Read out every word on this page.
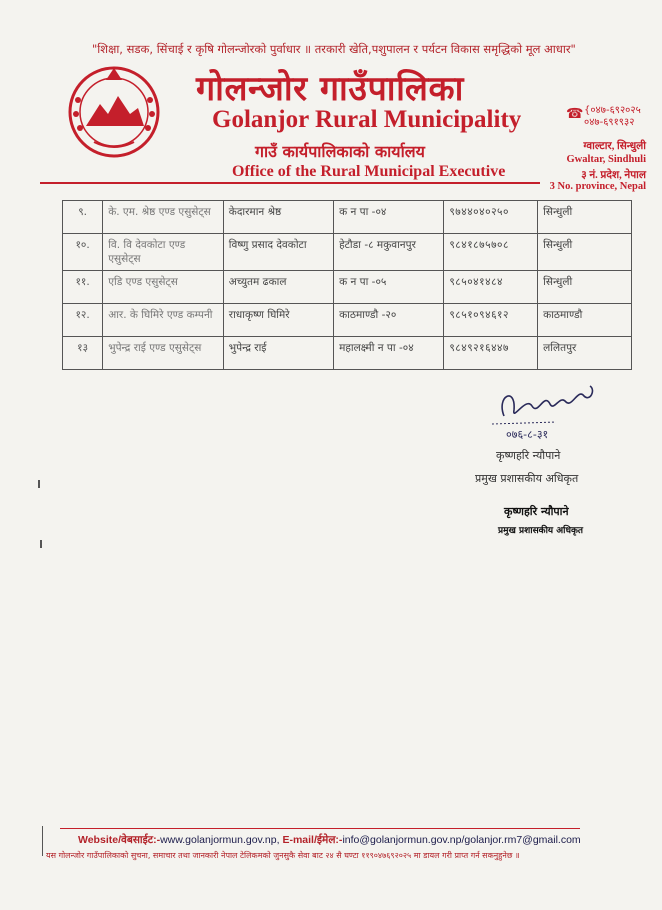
"शिक्षा, सडक, सिंचाई र कृषि गोलन्जोरको पुर्वाधार ॥ तरकारी खेति,पशुपालन र पर्यटन विकास समृद्धिको मूल आधार"
गोलन्जोर गाउँपालिका
Golanjor Rural Municipality
गाउँ कार्यपालिकाको कार्यालय
Office of the Rural Municipal Executive
☎ {०४७-६९२०२५
०४७-६९१९३२
ग्वाल्टार, सिन्धुली
Gwaltar, Sindhuli
३ नं. प्रदेश, नेपाल
3 No. province, Nepal
९.	के. एम. श्रेष्ठ एण्ड एसुसेट्स	केदारमान श्रेष्ठ	क न पा -०४	९७४४०४०२५०	सिन्धुली
१०.	वि. वि देवकोटा एण्ड एसुसेट्स	विष्णु प्रसाद देवकोटा	हेटौडा -८ मकुवानपुर	९८४१८७५७०८	सिन्धुली
११.	एडि एण्ड एसुसेट्स	अच्युतम ढकाल	क न पा -०५	९८५०४१४८४	सिन्धुली
१२.	आर. के घिमिरे एण्ड कम्पनी	राधाकृष्ण घिमिरे	काठमाण्डौ -२०	९८५१०९४६१२	काठमाण्डौ
१३	भुपेन्द्र राई एण्ड एसुसेट्स	भुपेन्द्र राई	महालक्ष्मी न पा -०४	९८४९२१६४४७	ललितपुर
०७६-८-३१
कृष्णहरि न्यौपाने
प्रमुख प्रशासकीय अधिकृत
कृष्णहरि न्यौपाने
प्रमुख प्रशासकीय अधिकृत
Website/वेबसाईट:-www.golanjormun.gov.np, E-mail/ईमेल:-info@golanjormun.gov.np/golanjor.rm7@gmail.com
यस गोलन्जोर गाउँपालिकाको सुचना, समाचार तथा जानकारी नेपाल टेलिकमको जुनसुकै सेवा बाट २४ सै घण्टा ११९०४७६९२०२५ मा डायल गरी प्राप्त गर्न सकनुहुनेछ ॥
